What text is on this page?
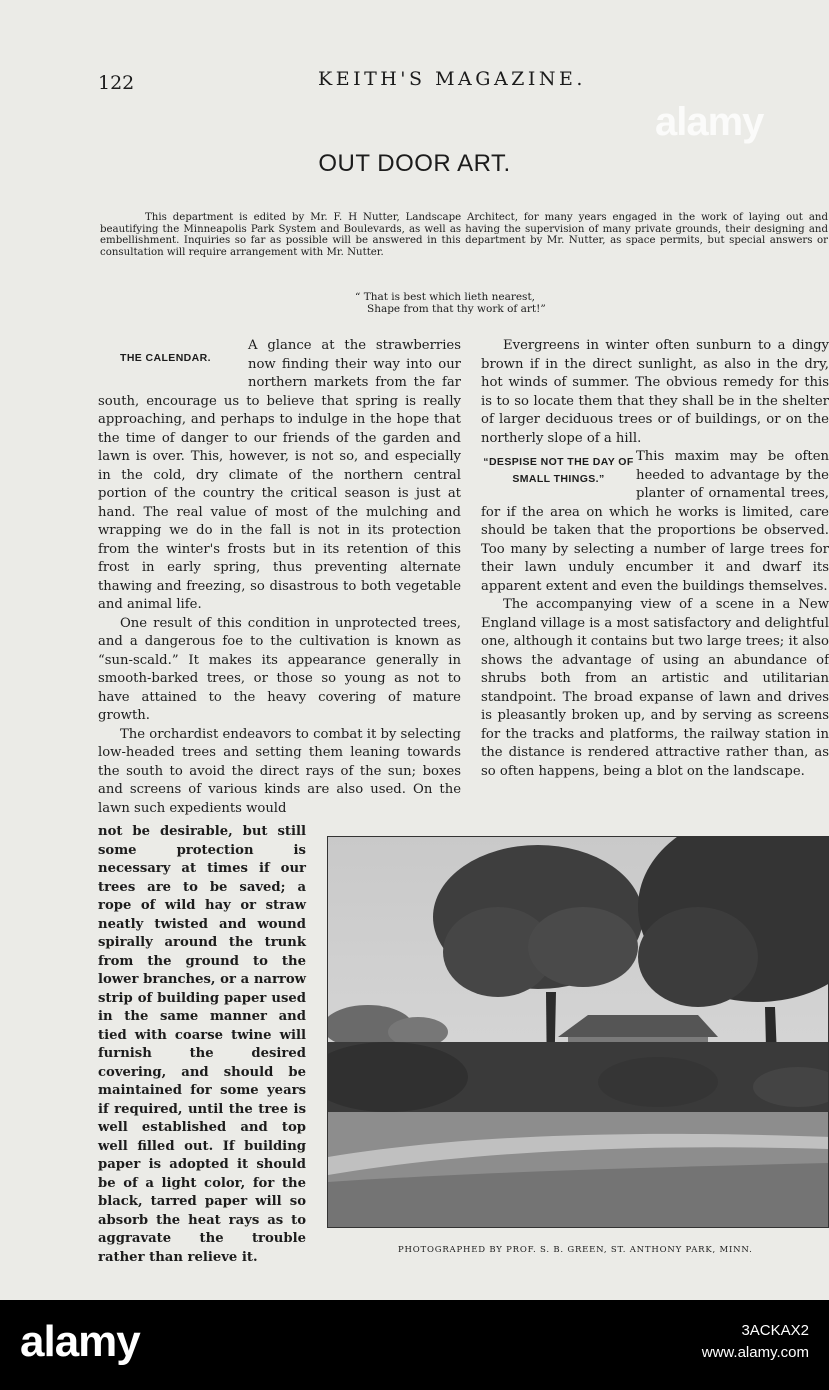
122	KEITH'S MAGAZINE.
OUT DOOR ART.
This department is edited by Mr. F. H Nutter, Landscape Architect, for many years engaged in the work of laying out and beautifying the Minneapolis Park System and Boulevards, as well as having the supervision of many private grounds, their designing and embellishment. Inquiries so far as possible will be answered in this department by Mr. Nutter, as space permits, but special answers or consultation will require arrangement with Mr. Nutter.
“ That is best which lieth nearest,
Shape from that thy work of art!”
THE CALENDAR.

A glance at the strawberries now finding their way into our northern markets from the far south, encourage us to believe that spring is really approaching, and perhaps to indulge in the hope that the time of danger to our friends of the garden and lawn is over. This, however, is not so, and especially in the cold, dry climate of the northern central portion of the country the critical season is just at hand. The real value of most of the mulching and wrapping we do in the fall is not in its protection from the winter's frosts but in its retention of this frost in early spring, thus preventing alternate thawing and freezing, so disastrous to both vegetable and animal life.

One result of this condition in unprotected trees, and a dangerous foe to the cultivation is known as “sun-scald.” It makes its appearance generally in smooth-barked trees, or those so young as not to have attained to the heavy covering of mature growth.

The orchardist endeavors to combat it by selecting low-headed trees and setting them leaning towards the south to avoid the direct rays of the sun; boxes and screens of various kinds are also used. On the lawn such expedients would

not be desirable, but still some protection is necessary at times if our trees are to be saved; a rope of wild hay or straw neatly twisted and wound spirally around the trunk from the ground to the lower branches, or a narrow strip of building paper used in the same manner and tied with coarse twine will furnish the desired covering, and should be maintained for some years if required, until the tree is well established and top well filled out. If building paper is adopted it should be of a light color, for the black, tarred paper will so absorb the heat rays as to aggravate the trouble rather than relieve it.

Evergreens in winter often sunburn to a dingy brown if in the direct sunlight, as also in the dry, hot winds of summer. The obvious remedy for this is to so locate them that they shall be in the shelter of larger deciduous trees or of buildings, or on the northerly slope of a hill.

“DESPISE NOT THE DAY OF SMALL THINGS.”

This maxim may be often heeded to advantage by the planter of ornamental trees, for if the area on which he works is limited, care should be taken that the proportions be observed. Too many by selecting a number of large trees for their lawn unduly encumber it and dwarf its apparent extent and even the buildings themselves.

The accompanying view of a scene in a New England village is a most satisfactory and delightful one, although it contains but two large trees; it also shows the advantage of using an abundance of shrubs both from an artistic and utilitarian standpoint. The broad expanse of lawn and drives is pleasantly broken up, and by serving as screens for the tracks and platforms, the railway station in the distance is rendered attractive rather than, as so often happens, being a blot on the landscape.

PHOTOGRAPHED BY PROF. S. B. GREEN, ST. ANTHONY PARK, MINN.
alamy
alamy	3ACKAX2
www.alamy.com
